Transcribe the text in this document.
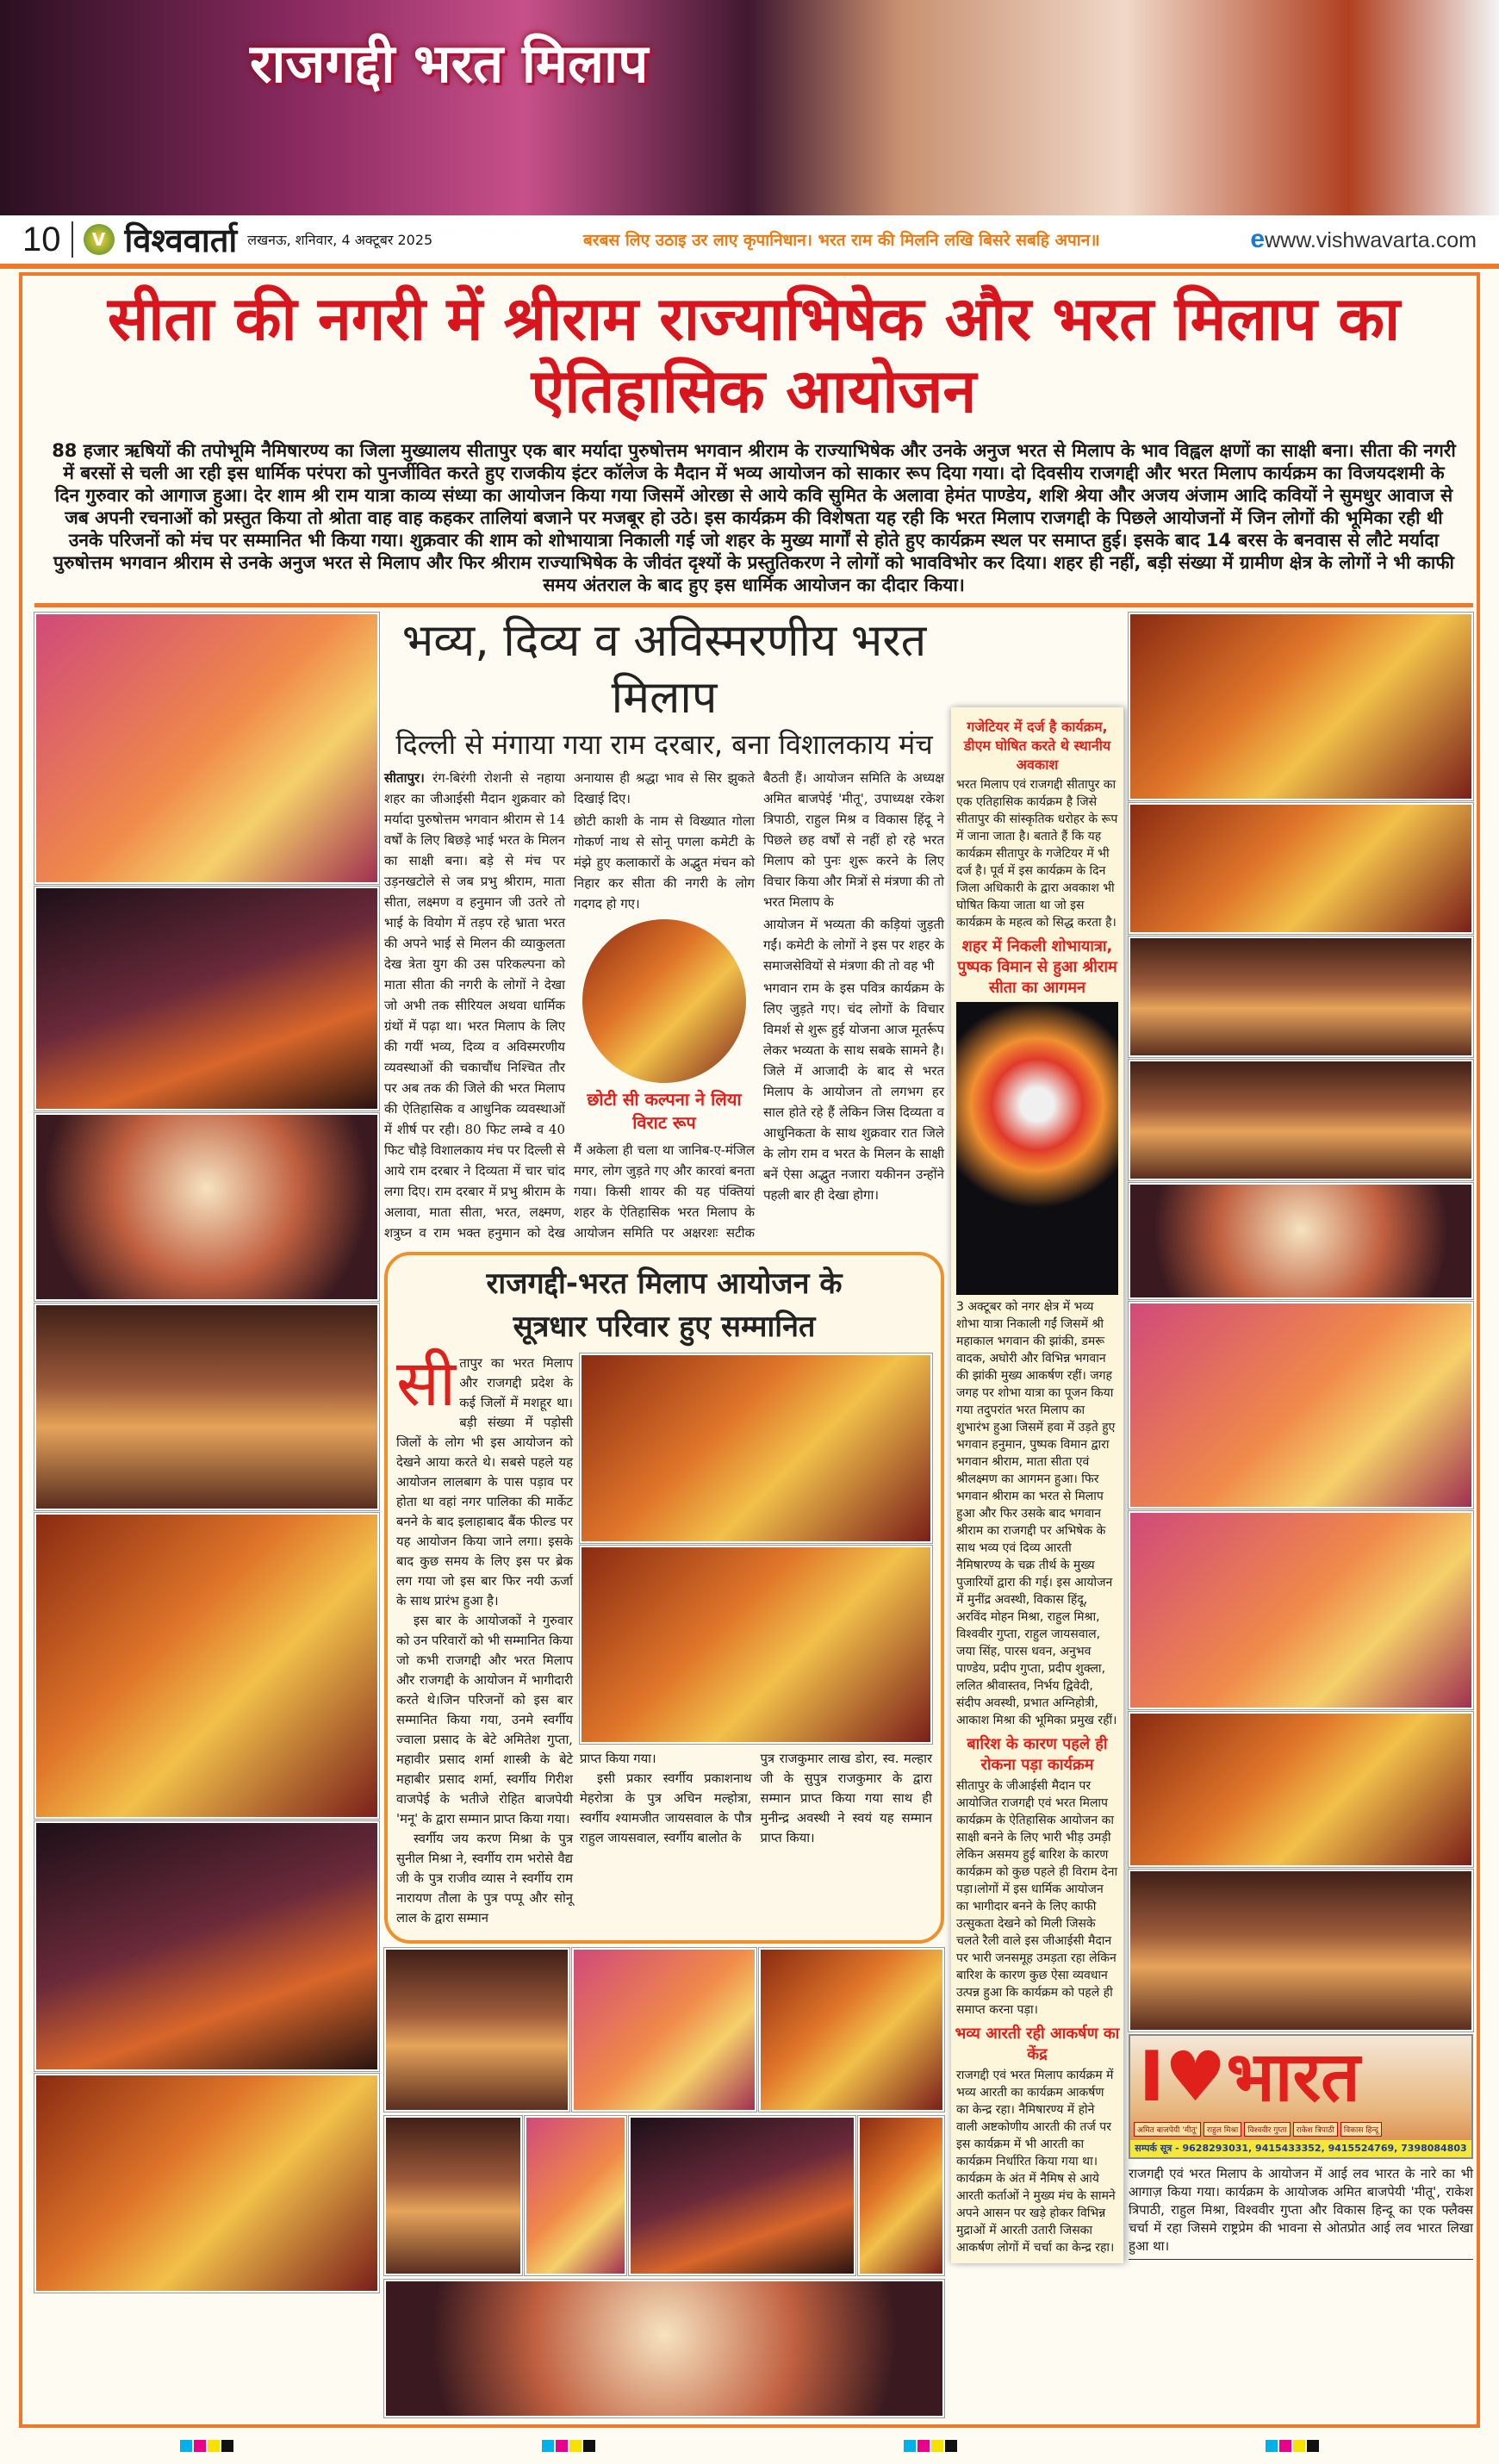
राजगद्दी भरत मिलाप
10	V विश्ववार्ता लखनऊ, शनिवार, 4 अक्टूबर 2025	बरबस लिए उठाइ उर लाए कृपानिधान। भरत राम की मिलनि लखि बिसरे सबहि अपान॥	ewww.vishwavarta.com
सीता की नगरी में श्रीराम राज्याभिषेक और भरत मिलाप का ऐतिहासिक आयोजन
88 हजार ऋषियों की तपोभूमि नैमिषारण्य का जिला मुख्यालय सीतापुर एक बार मर्यादा पुरुषोत्तम भगवान श्रीराम के राज्याभिषेक और उनके अनुज भरत से मिलाप के भाव विह्वल क्षणों का साक्षी बना। सीता की नगरी में बरसों से चली आ रही इस धार्मिक परंपरा को पुनर्जीवित करते हुए राजकीय इंटर कॉलेज के मैदान में भव्य आयोजन को साकार रूप दिया गया। दो दिवसीय राजगद्दी और भरत मिलाप कार्यक्रम का विजयदशमी के दिन गुरुवार को आगाज हुआ। देर शाम श्री राम यात्रा काव्य संध्या का आयोजन किया गया जिसमें ओरछा से आये कवि सुमित के अलावा हेमंत पाण्डेय, शशि श्रेया और अजय अंजाम आदि कवियों ने सुमधुर आवाज से जब अपनी रचनाओं को प्रस्तुत किया तो श्रोता वाह वाह कहकर तालियां बजाने पर मजबूर हो उठे। इस कार्यक्रम की विशेषता यह रही कि भरत मिलाप राजगद्दी के पिछले आयोजनों में जिन लोगों की भूमिका रही थी उनके परिजनों को मंच पर सम्मानित भी किया गया। शुक्रवार की शाम को शोभायात्रा निकाली गई जो शहर के मुख्य मार्गों से होते हुए कार्यक्रम स्थल पर समाप्त हुई। इसके बाद 14 बरस के बनवास से लौटे मर्यादा पुरुषोत्तम भगवान श्रीराम से उनके अनुज भरत से मिलाप और फिर श्रीराम राज्याभिषेक के जीवंत दृश्यों के प्रस्तुतिकरण ने लोगों को भावविभोर कर दिया। शहर ही नहीं, बड़ी संख्या में ग्रामीण क्षेत्र के लोगों ने भी काफी समय अंतराल के बाद हुए इस धार्मिक आयोजन का दीदार किया।
भव्य, दिव्य व अविस्मरणीय भरत मिलाप
दिल्ली से मंगाया गया राम दरबार, बना विशालकाय मंच

सीतापुर। रंग-बिरंगी रोशनी से नहाया शहर का जीआईसी मैदान शुक्रवार को मर्यादा पुरुषोत्तम भगवान श्रीराम से 14 वर्षों के लिए बिछड़े भाई भरत के मिलन का साक्षी बना। बड़े से मंच पर उड़नखटोले से जब प्रभु श्रीराम, माता सीता, लक्ष्मण व हनुमान जी उतरे तो भाई के वियोग में तड़प रहे भ्राता भरत की अपने भाई से मिलन की व्याकुलता देख त्रेता युग की उस परिकल्पना को माता सीता की नगरी के लोगों ने देखा जो अभी तक सीरियल अथवा धार्मिक ग्रंथों में पढ़ा था। भरत मिलाप के लिए की गयीं भव्य, दिव्य व अविस्मरणीय व्यवस्थाओं की चकाचौंध निश्चित तौर पर अब तक की जिले की भरत मिलाप की ऐतिहासिक व आधुनिक व्यवस्थाओं में शीर्ष पर रही। 80 फिट लम्बे व 40 फिट चौड़े विशालकाय मंच पर दिल्ली से आये राम दरबार ने दिव्यता में चार चांद लगा दिए। राम दरबार में प्रभु श्रीराम के अलावा, माता सीता, भरत, लक्ष्मण, शत्रुघ्न व राम भक्त हनुमान को देख अनायास ही श्रद्धा भाव से सिर झुकते दिखाई दिए।

छोटी काशी के नाम से विख्यात गोला गोकर्ण नाथ से सोनू पगला कमेटी के मंझे हुए कलाकारों के अद्भुत मंचन को निहार कर सीता की नगरी के लोग गदगद हो गए।

छोटी सी कल्पना ने लिया विराट रूप

मैं अकेला ही चला था जानिब-ए-मंजिल मगर, लोग जुड़ते गए और कारवां बनता गया। किसी शायर की यह पंक्तियां शहर के ऐतिहासिक भरत मिलाप के आयोजन समिति पर अक्षरशः सटीक बैठती हैं। आयोजन समिति के अध्यक्ष अमित बाजपेई 'मीतू', उपाध्यक्ष रकेश त्रिपाठी, राहुल मिश्र व विकास हिंदू ने पिछले छह वर्षों से नहीं हो रहे भरत मिलाप को पुनः शुरू करने के लिए विचार किया और मित्रों से मंत्रणा की तो भरत मिलाप के

आयोजन में भव्यता की कड़ियां जुड़ती गईं। कमेटी के लोगों ने इस पर शहर के समाजसेवियों से मंत्रणा की तो वह भी

भगवान राम के इस पवित्र कार्यक्रम के लिए जुड़ते गए। चंद लोगों के विचार विमर्श से शुरू हुई योजना आज मूतर्रूप लेकर भव्यता के साथ सबके सामने है। जिले में आजादी के बाद से भरत मिलाप के आयोजन तो लगभग हर साल होते रहे हैं लेकिन जिस दिव्यता व आधुनिकता के साथ शुक्रवार रात जिले के लोग राम व भरत के मिलन के साक्षी बनें ऐसा अद्भुत नजारा यकीनन उन्होंने पहली बार ही देखा होगा।

राजगद्दी-भरत मिलाप आयोजन के
सूत्रधार परिवार हुए सम्मानित
सीतापुर का भरत मिलाप और राजगद्दी प्रदेश के कई जिलों में मशहूर था। बड़ी संख्या में पड़ोसी जिलों के लोग भी इस आयोजन को देखने आया करते थे। सबसे पहले यह आयोजन लालबाग के पास पड़ाव पर होता था वहां नगर पालिका की मार्केट बनने के बाद इलाहाबाद बैंक फील्ड पर यह आयोजन किया जाने लगा। इसके बाद कुछ समय के लिए इस पर ब्रेक लग गया जो इस बार फिर नयी ऊर्जा के साथ प्रारंभ हुआ है।
इस बार के आयोजकों ने गुरुवार को उन परिवारों को भी सम्मानित किया जो कभी राजगद्दी और भरत मिलाप और राजगद्दी के आयोजन में भागीदारी करते थे।जिन परिजनों को इस बार सम्मानित किया गया, उनमे स्वर्गीय ज्वाला प्रसाद के बेटे अमितेश गुप्ता, महावीर प्रसाद शर्मा शास्त्री के बेटे महाबीर प्रसाद शर्मा, स्वर्गीय गिरीश वाजपेई के भतीजे रोहित बाजपेयी 'मनू' के द्वारा सम्मान प्राप्त किया गया।
स्वर्गीय जय करण मिश्रा के पुत्र सुनील मिश्रा ने, स्वर्गीय राम भरोसे वैद्य जी के पुत्र राजीव व्यास ने स्वर्गीय राम नारायण तौला के पुत्र पप्पू और सोनू लाल के द्वारा सम्मान
प्राप्त किया गया।
इसी प्रकार स्वर्गीय प्रकाशनाथ मेहरोत्रा के पुत्र अचिन मल्होत्रा, स्वर्गीय श्यामजीत जायसवाल के पौत्र राहुल जायसवाल, स्वर्गीय बालोत के
पुत्र राजकुमार लाख डोरा, स्व. मल्हार जी के सुपुत्र राजकुमार के द्वारा सम्मान प्राप्त किया गया साथ ही मुनीन्द्र अवस्थी ने स्वयं यह सम्मान प्राप्त किया।
गजेटियर में दर्ज है कार्यक्रम, डीएम घोषित करते थे स्थानीय अवकाश
भरत मिलाप एवं राजगद्दी सीतापुर का एक एतिहासिक कार्यक्रम है जिसे सीतापुर की सांस्कृतिक धरोहर के रूप में जाना जाता है। बताते हैं कि यह कार्यक्रम सीतापुर के गजेटियर में भी दर्ज है। पूर्व में इस कार्यक्रम के दिन जिला अधिकारी के द्वारा अवकाश भी घोषित किया जाता था जो इस कार्यक्रम के महत्व को सिद्ध करता है।
शहर में निकली शोभायात्रा, पुष्पक विमान से हुआ श्रीराम सीता का आगमन
3 अक्टूबर को नगर क्षेत्र में भव्य शोभा यात्रा निकाली गईं जिसमें श्री महाकाल भगवान की झांकी, डमरू वादक, अघोरी और विभिन्न भगवान की झांकी मुख्य आकर्षण रहीं। जगह जगह पर शोभा यात्रा का पूजन किया गया तदुपरांत भरत मिलाप का शुभारंभ हुआ जिसमें हवा में उड़ते हुए भगवान हनुमान, पुष्पक विमान द्वारा भगवान श्रीराम, माता सीता एवं श्रीलक्ष्मण का आगमन हुआ। फिर भगवान श्रीराम का भरत से मिलाप हुआ और फिर उसके बाद भगवान श्रीराम का राजगद्दी पर अभिषेक के साथ भव्य एवं दिव्य आरती नैमिषारण्य के चक्र तीर्थ के मुख्य पुजारियों द्वारा की गई। इस आयोजन में मुनींद्र अवस्थी, विकास हिंदू, अरविंद मोहन मिश्रा, राहुल मिश्रा, विश्ववीर गुप्ता, राहुल जायसवाल, जया सिंह, पारस धवन, अनुभव पाण्डेय, प्रदीप गुप्ता, प्रदीप शुक्ला, ललित श्रीवास्तव, निर्भय द्विवेदी, संदीप अवस्थी, प्रभात अग्निहोत्री, आकाश मिश्रा की भूमिका प्रमुख रहीं।
बारिश के कारण पहले ही रोकना पड़ा कार्यक्रम
सीतापुर के जीआईसी मैदान पर आयोजित राजगद्दी एवं भरत मिलाप कार्यक्रम के ऐतिहासिक आयोजन का साक्षी बनने के लिए भारी भीड़ उमड़ी लेकिन असमय हुई बारिश के कारण कार्यक्रम को कुछ पहले ही विराम देना पड़ा।लोगों में इस धार्मिक आयोजन का भागीदार बनने के लिए काफी उत्सुकता देखने को मिली जिसके चलते रैली वाले इस जीआईसी मैदान पर भारी जनसमूह उमड़ता रहा लेकिन बारिश के कारण कुछ ऐसा व्यवधान उत्पन्न हुआ कि कार्यक्रम को पहले ही समाप्त करना पड़ा।
भव्य आरती रही आकर्षण का केंद्र
राजगद्दी एवं भरत मिलाप कार्यक्रम में भव्य आरती का कार्यक्रम आकर्षण का केन्द्र रहा। नैमिषारण्य में होने वाली अष्टकोणीय आरती की तर्ज पर इस कार्यक्रम में भी आरती का कार्यक्रम निर्धारित किया गया था। कार्यक्रम के अंत में नैमिष से आये आरती कर्ताओं ने मुख्य मंच के सामने अपने आसन पर खड़े होकर विभिन्न मुद्राओं में आरती उतारी जिसका आकर्षण लोगों में चर्चा का केन्द्र रहा।
I♥भारत
अमित बाजपेयी 'मीतू'	राहुल मिश्रा	विश्ववीर गुप्ता	राकेश त्रिपाठी	विकास हिन्दू
सम्पर्क सूत्र - 9628293031, 9415433352, 9415524769, 7398084803
राजगद्दी एवं भरत मिलाप के आयोजन में आई लव भारत के नारे का भी आगाज़ किया गया। कार्यक्रम के आयोजक अमित बाजपेयी 'मीतू', राकेश त्रिपाठी, राहुल मिश्रा, विश्ववीर गुप्ता और विकास हिन्दू का एक फ्लैक्स चर्चा में रहा जिसमे राष्ट्रप्रेम की भावना से ओतप्रोत आई लव भारत लिखा हुआ था।
